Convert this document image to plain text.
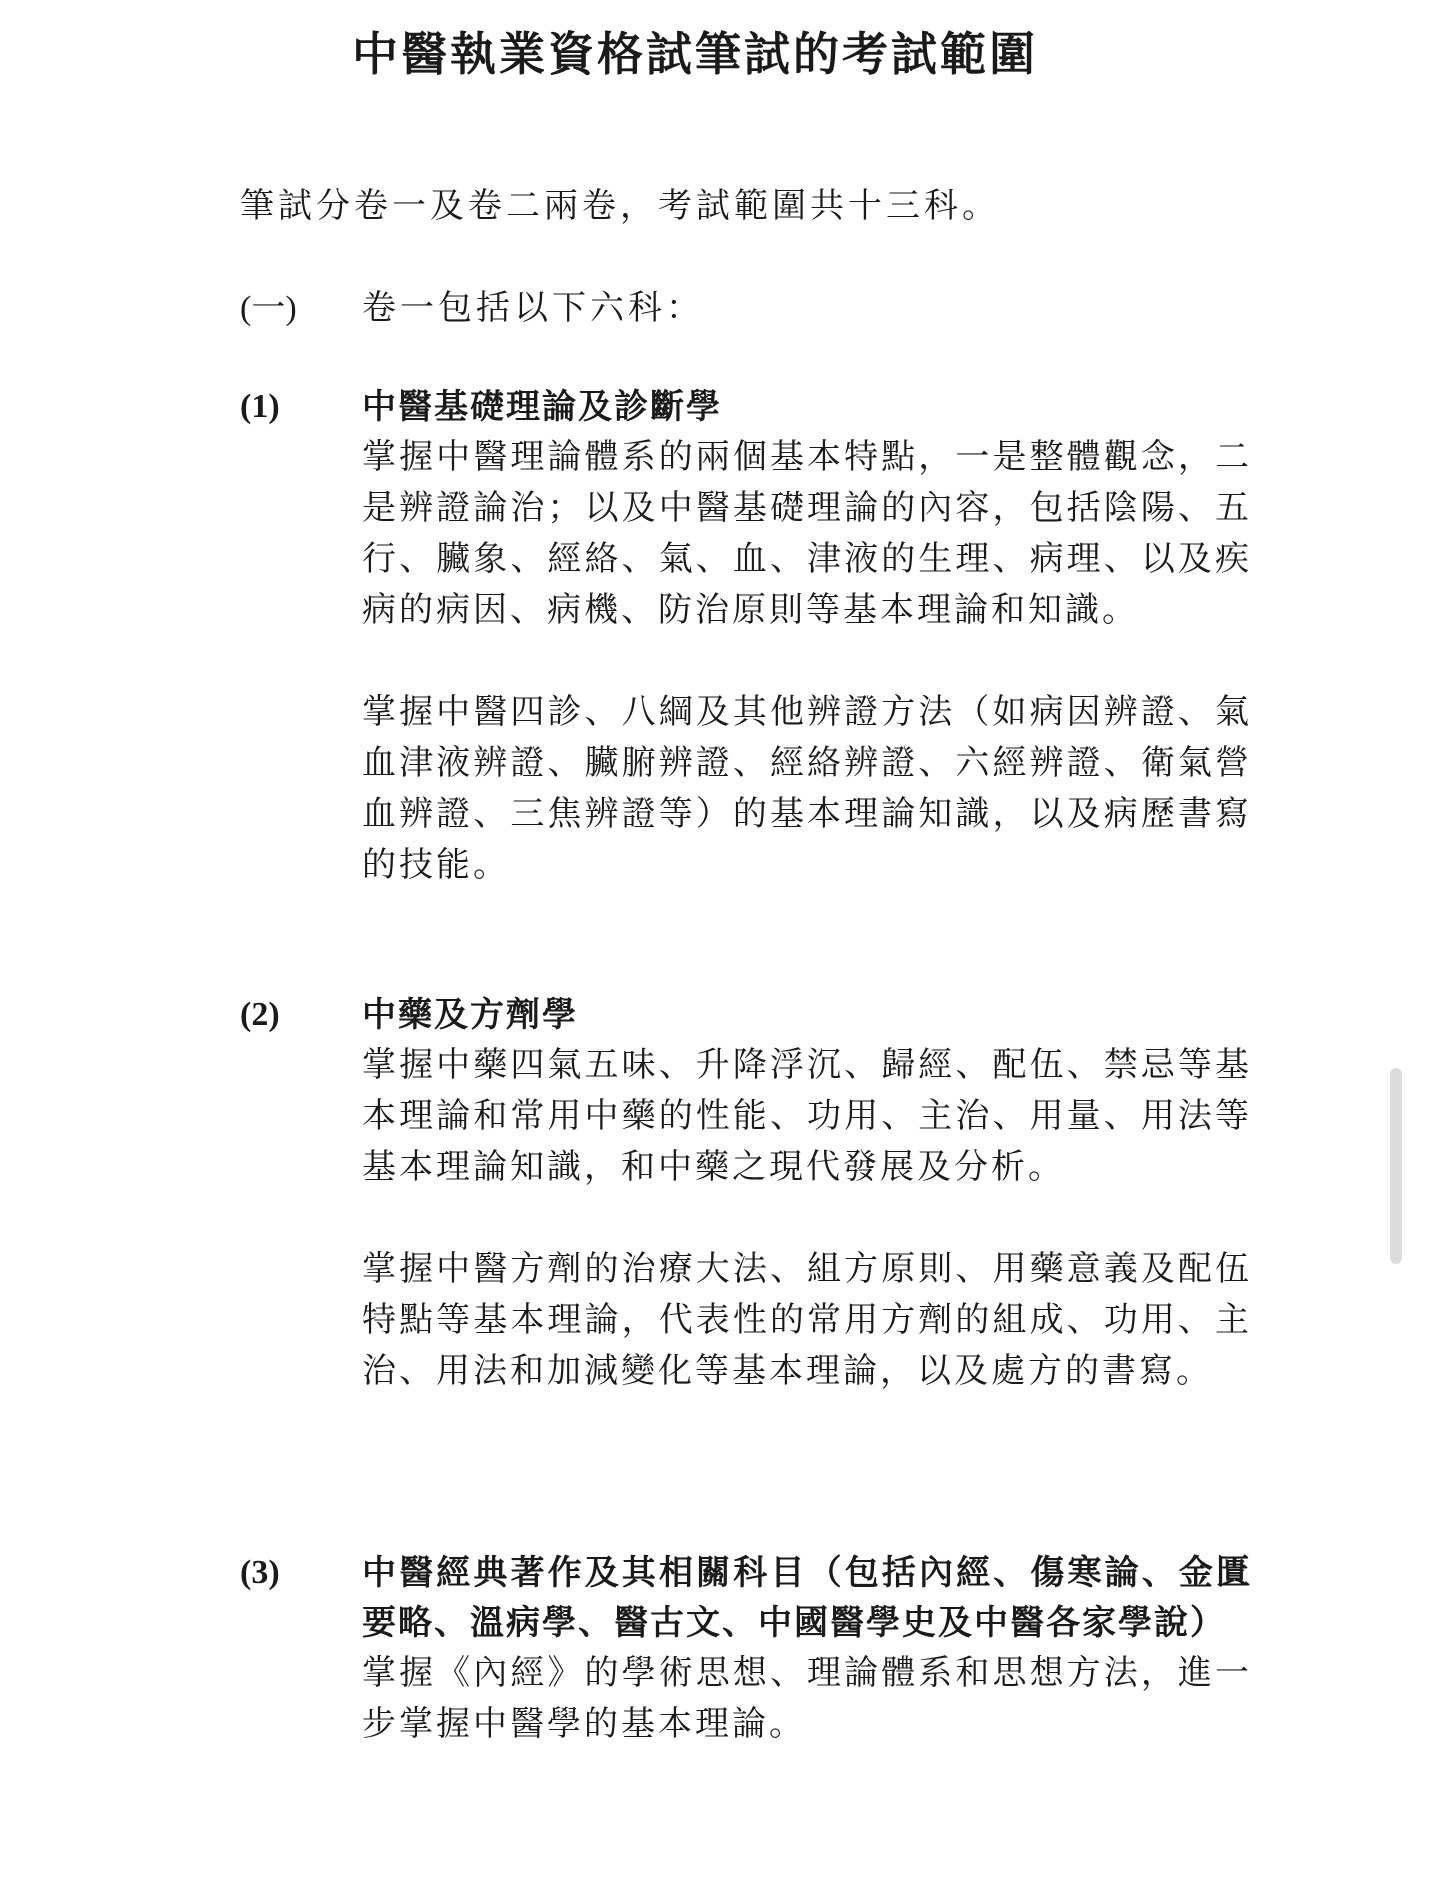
中醫執業資格試筆試的考試範圍

筆試分卷一及卷二兩卷，考試範圍共十三科。

(一) 卷一包括以下六科：

(1) 中醫基礎理論及診斷學

掌握中醫理論體系的兩個基本特點，一是整體觀念，二是辨證論治；以及中醫基礎理論的內容，包括陰陽、五行、臟象、經絡、氣、血、津液的生理、病理、以及疾病的病因、病機、防治原則等基本理論和知識。

掌握中醫四診、八綱及其他辨證方法（如病因辨證、氣血津液辨證、臟腑辨證、經絡辨證、六經辨證、衛氣營血辨證、三焦辨證等）的基本理論知識，以及病歷書寫的技能。

(2) 中藥及方劑學

掌握中藥四氣五味、升降浮沉、歸經、配伍、禁忌等基本理論和常用中藥的性能、功用、主治、用量、用法等基本理論知識，和中藥之現代發展及分析。

掌握中醫方劑的治療大法、組方原則、用藥意義及配伍特點等基本理論，代表性的常用方劑的組成、功用、主治、用法和加減變化等基本理論，以及處方的書寫。

(3) 中醫經典著作及其相關科目（包括內經、傷寒論、金匱要略、溫病學、醫古文、中國醫學史及中醫各家學說）

掌握《內經》的學術思想、理論體系和思想方法，進一步掌握中醫學的基本理論。
